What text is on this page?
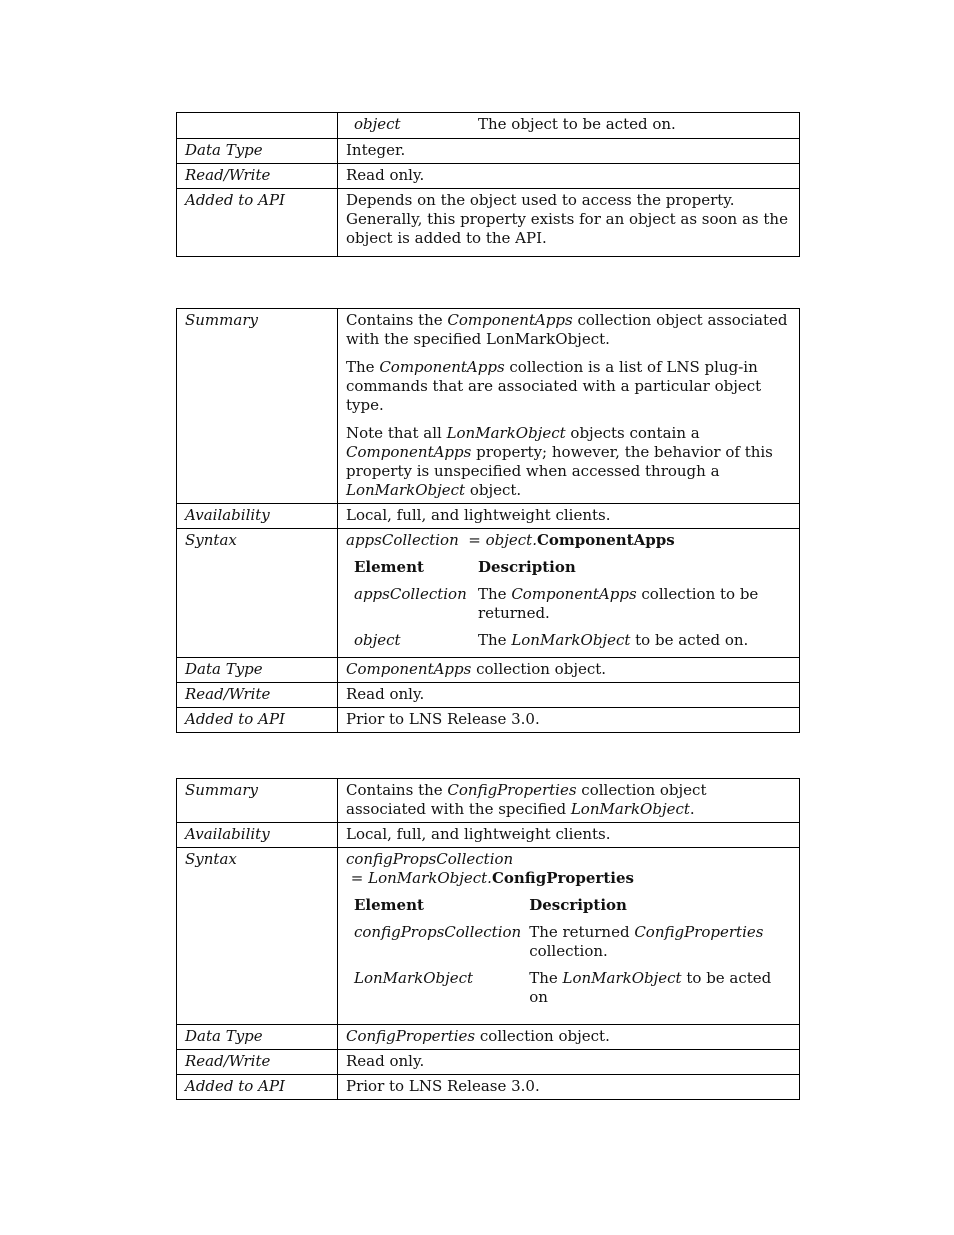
object	The object to be acted on.

Data Type	Integer.
Read/Write	Read only.
Added to API	Depends on the object used to access the property. Generally, this property exists for an object as soon as the object is added to the API.
Summary	Contains the ComponentApps collection object associated with the specified LonMarkObject.

The ComponentApps collection is a list of LNS plug-in commands that are associated with a particular object type.

Note that all LonMarkObject objects contain a ComponentApps property; however, the behavior of this property is unspecified when accessed through a LonMarkObject object.

Availability	Local, full, and lightweight clients.
Syntax	appsCollection  = object.ComponentApps
Element	Description
appsCollection	The ComponentApps collection to be returned.
object	The LonMarkObject to be acted on.

Data Type	ComponentApps collection object.
Read/Write	Read only.
Added to API	Prior to LNS Release 3.0.
Summary	Contains the ConfigProperties collection object associated with the specified LonMarkObject.

Availability	Local, full, and lightweight clients.
Syntax	configPropsCollection = LonMarkObject.ConfigProperties
Element	Description
configPropsCollection	The returned ConfigProperties collection.
LonMarkObject	The LonMarkObject to be acted on

Data Type	ConfigProperties collection object.
Read/Write	Read only.
Added to API	Prior to LNS Release 3.0.
